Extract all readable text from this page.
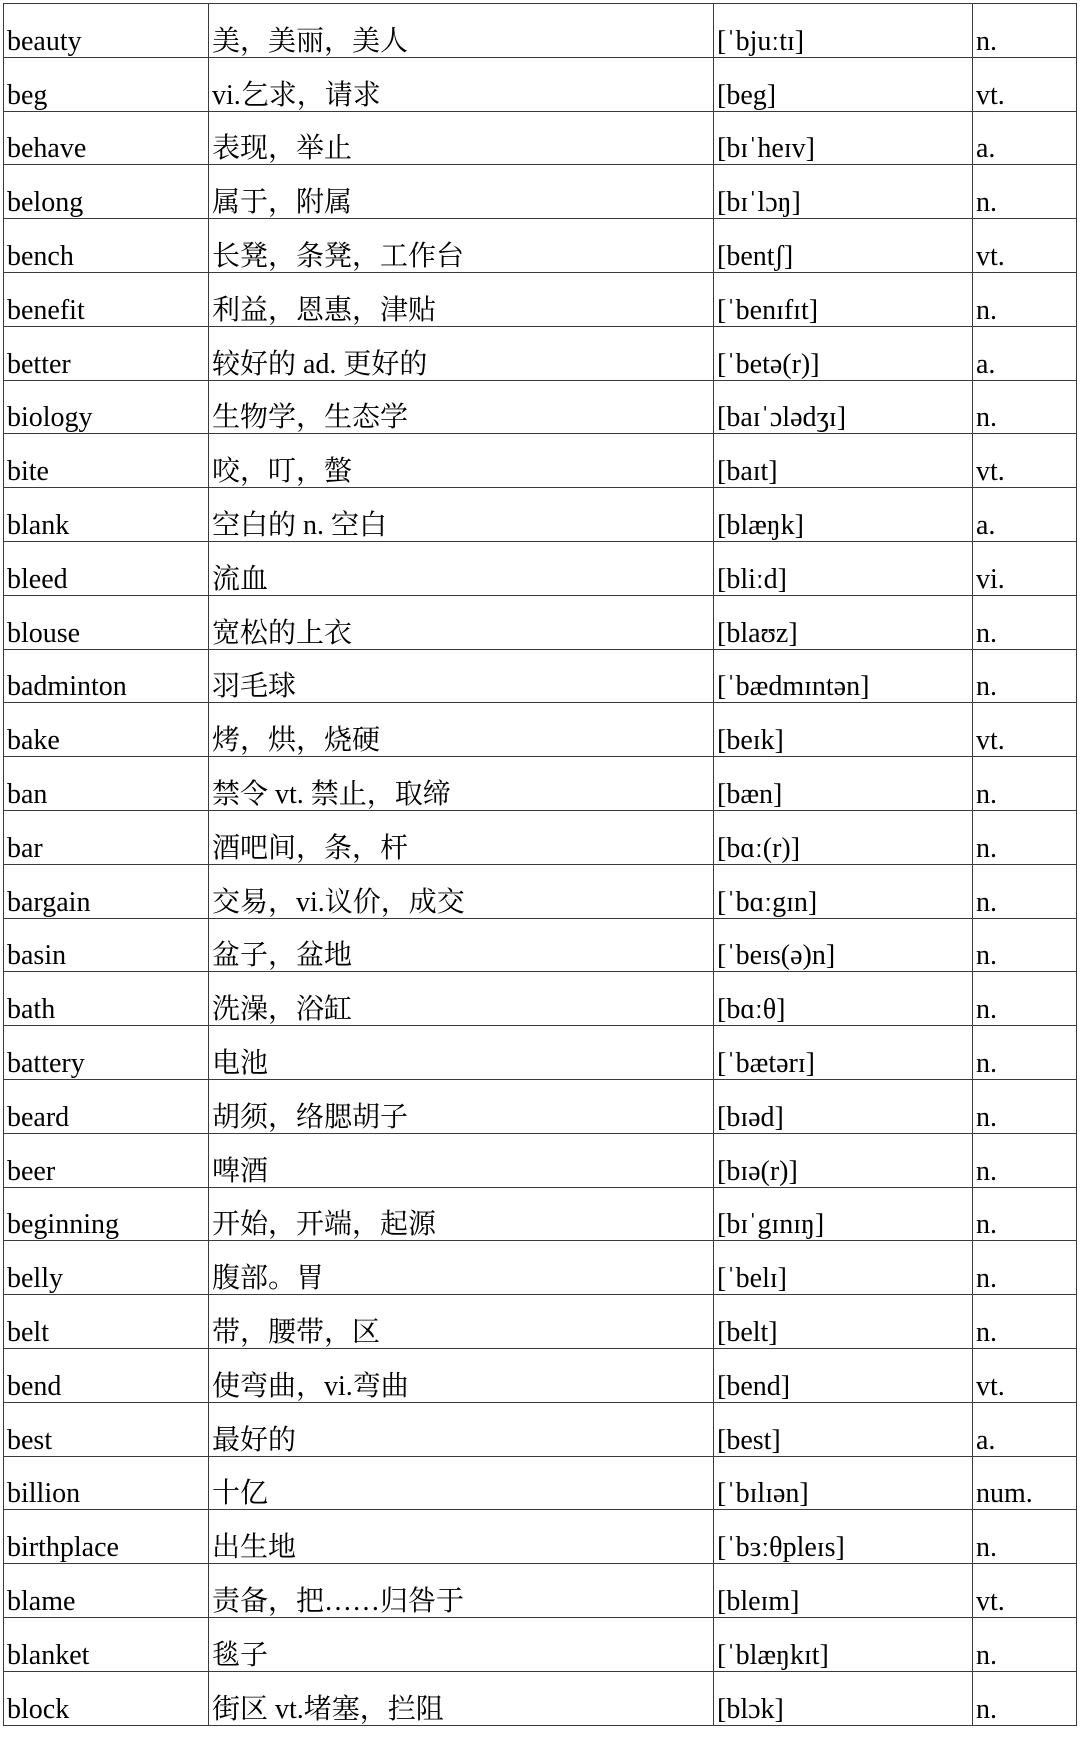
beauty	美，美丽，美人	[ˈbjuːtɪ]	n.
beg	vi.乞求，请求	[beg]	vt.
behave	表现，举止	[bɪˈheɪv]	a.
belong	属于，附属	[bɪˈlɔŋ]	n.
bench	长凳，条凳，工作台	[bentʃ]	vt.
benefit	利益，恩惠，津贴	[ˈbenɪfɪt]	n.
better	较好的 ad. 更好的	[ˈbetə(r)]	a.
biology	生物学，生态学	[baɪˈɔlədʒɪ]	n.
bite	咬，叮，螫	[baɪt]	vt.
blank	空白的 n. 空白	[blæŋk]	a.
bleed	流血	[bliːd]	vi.
blouse	宽松的上衣	[blaʊz]	n.
badminton	羽毛球	[ˈbædmɪntən]	n.
bake	烤，烘，烧硬	[beɪk]	vt.
ban	禁令 vt. 禁止，取缔	[bæn]	n.
bar	酒吧间，条，杆	[bɑː(r)]	n.
bargain	交易，vi.议价，成交	[ˈbɑːgɪn]	n.
basin	盆子，盆地	[ˈbeɪs(ə)n]	n.
bath	洗澡，浴缸	[bɑːθ]	n.
battery	电池	[ˈbætərɪ]	n.
beard	胡须，络腮胡子	[bɪəd]	n.
beer	啤酒	[bɪə(r)]	n.
beginning	开始，开端，起源	[bɪˈgɪnɪŋ]	n.
belly	腹部。胃	[ˈbelɪ]	n.
belt	带，腰带，区	[belt]	n.
bend	使弯曲，vi.弯曲	[bend]	vt.
best	最好的	[best]	a.
billion	十亿	[ˈbɪlɪən]	num.
birthplace	出生地	[ˈbɜːθpleɪs]	n.
blame	责备，把……归咎于	[bleɪm]	vt.
blanket	毯子	[ˈblæŋkɪt]	n.
block	街区 vt.堵塞，拦阻	[blɔk]	n.
